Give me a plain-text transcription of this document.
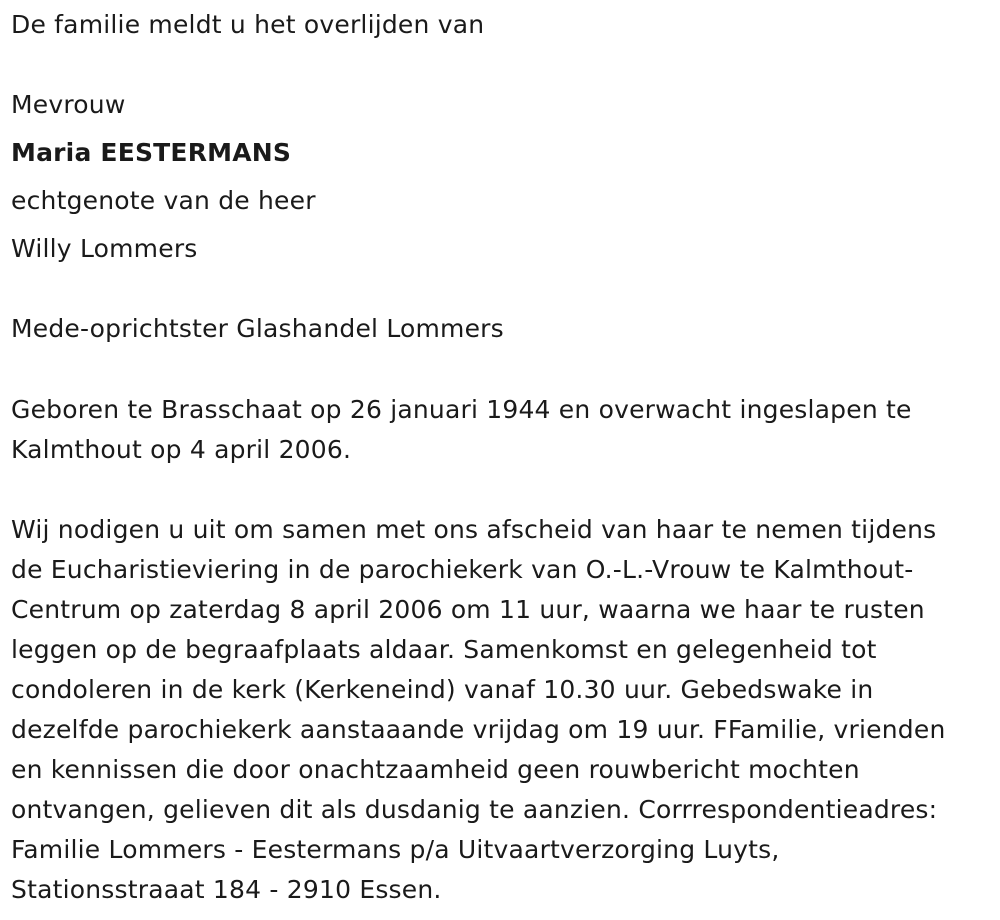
De familie meldt u het overlijden van
Mevrouw
Maria EESTERMANS
echtgenote van de heer
Willy Lommers
Mede-oprichtster Glashandel Lommers
Geboren te Brasschaat op 26 januari 1944 en overwacht ingeslapen te
Kalmthout op 4 april 2006.
Wij nodigen u uit om samen met ons afscheid van haar te nemen tijdens
de Eucharistieviering in de parochiekerk van O.-L.-Vrouw te Kalmthout-
Centrum op zaterdag 8 april 2006 om 11 uur, waarna we haar te rusten
leggen op de begraafplaats aldaar. Samenkomst en gelegenheid tot
condoleren in de kerk (Kerkeneind) vanaf 10.30 uur. Gebedswake in
dezelfde parochiekerk aanstaaande vrijdag om 19 uur. FFamilie, vrienden
en kennissen die door onachtzaamheid geen rouwbericht mochten
ontvangen, gelieven dit als dusdanig te aanzien. Corrrespondentieadres:
Familie Lommers - Eestermans p/a Uitvaartverzorging Luyts,
Stationsstraaat 184 - 2910 Essen.
